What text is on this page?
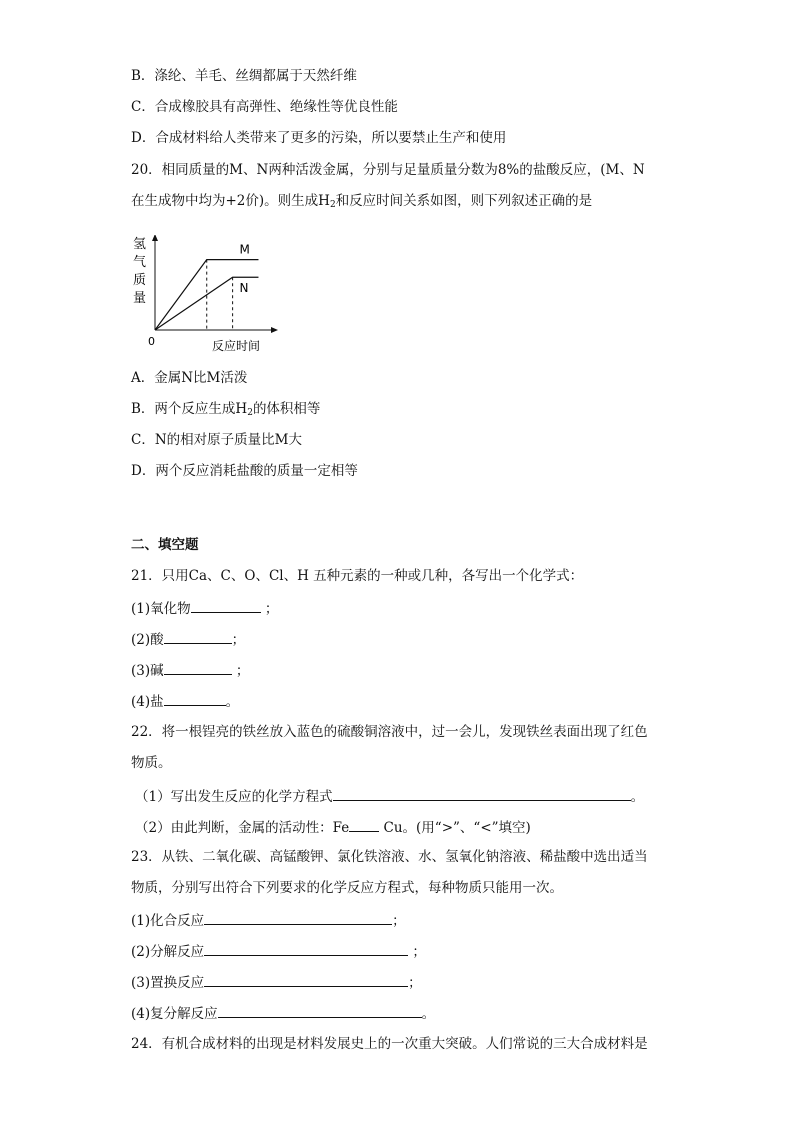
B．涤纶、羊毛、丝绸都属于天然纤维
C．合成橡胶具有高弹性、绝缘性等优良性能
D．合成材料给人类带来了更多的污染，所以要禁止生产和使用
20．相同质量的M、N两种活泼金属，分别与足量质量分数为8%的盐酸反应，(M、N
在生成物中均为+2价)。则生成$H_2$和反应时间关系如图，则下列叙述正确的是
氢
气
质
量
M
N
0	反应时间
A．金属N比M活泼
B．两个反应生成$H_2$的体积相等
C．N的相对原子质量比M大
D．两个反应消耗盐酸的质量一定相等
二、填空题
21．只用Ca、C、O、Cl、H 五种元素的一种或几种，各写出一个化学式：
(1)氧化物	；
(2)酸	；
(3)碱	；
(4)盐	。
22．将一根锃亮的铁丝放入蓝色的硫酸铜溶液中，过一会儿，发现铁丝表面出现了红色
物质。
（1）写出发生反应的化学方程式	。
（2）由此判断，金属的活动性：Fe	Cu。(用“>”、“<”填空)
23．从铁、二氧化碳、高锰酸钾、氯化铁溶液、水、氢氧化钠溶液、稀盐酸中选出适当
物质，分别写出符合下列要求的化学反应方程式，每种物质只能用一次。
(1)化合反应	；
(2)分解反应	；
(3)置换反应	；
(4)复分解反应	。
24．有机合成材料的出现是材料发展史上的一次重大突破。人们常说的三大合成材料是
